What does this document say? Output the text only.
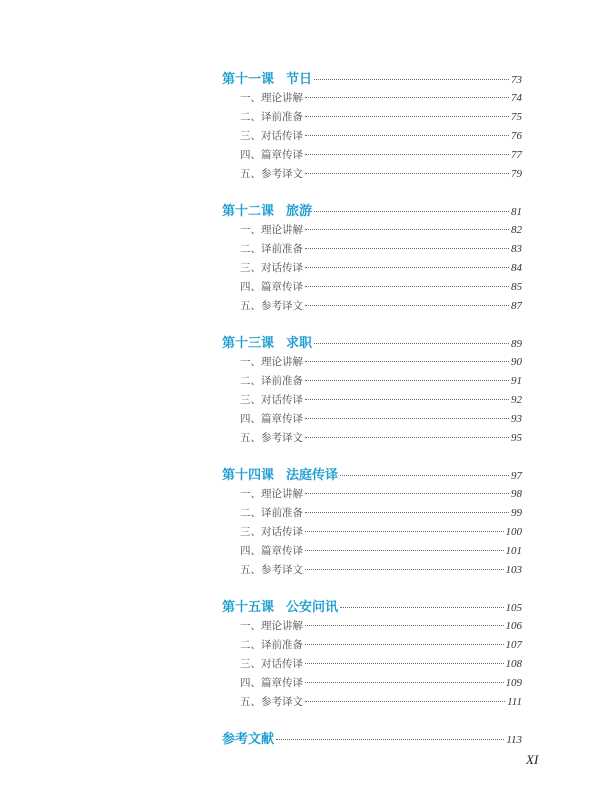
第十一课 节日	73
一、理论讲解	74
二、译前准备	75
三、对话传译	76
四、篇章传译	77
五、参考译文	79
第十二课 旅游	81
一、理论讲解	82
二、译前准备	83
三、对话传译	84
四、篇章传译	85
五、参考译文	87
第十三课 求职	89
一、理论讲解	90
二、译前准备	91
三、对话传译	92
四、篇章传译	93
五、参考译文	95
第十四课 法庭传译	97
一、理论讲解	98
二、译前准备	99
三、对话传译	100
四、篇章传译	101
五、参考译文	103
第十五课 公安问讯	105
一、理论讲解	106
二、译前准备	107
三、对话传译	108
四、篇章传译	109
五、参考译文	111
参考文献	113
XI
